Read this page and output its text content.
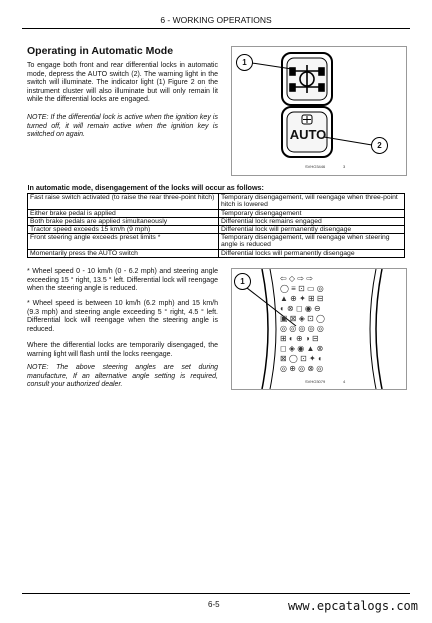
6 - WORKING OPERATIONS
Operating in Automatic Mode
To engage both front and rear differential locks in automatic mode, depress the AUTO switch (2). The warning light in the switch will illuminate. The indicator light (1) Figure 2 on the instrument cluster will also illuminate but will only remain lit while the differential locks are engaged.
NOTE: If the differential lock is active when the ignition key is turned off, it will remain active when the ignition key is switched on again.	AUTO
1
2
SVHO3446	3
In automatic mode, disengagement of the locks will occur as follows:	
Fast raise switch activated (to raise the rear three-point hitch)	Temporary disengagement, will reengage when three-point hitch is lowered
Either brake pedal is applied	Temporary disengagement
Both brake pedals are applied simultaneously	Differential lock remains engaged
Tractor speed exceeds 15 km/h (9 mph)	Differential lock will permanently disengage
Front steering angle exceeds preset limits *	Temporary disengagement, will reengage when steering angle is reduced
Momentarily press the AUTO switch	Differential locks will permanently disengage
* Wheel speed 0 - 10 km/h (0 - 6.2 mph) and steering angle exceeding 15 ° right, 13.5 ° left. Differential lock will reengage when the steering angle is reduced.
* Wheel speed is between 10 km/h (6.2 mph) and 15 km/h (9.3 mph) and steering angle exceeding 5 ° right, 4.5 ° left. Differential lock will reengage when the steering angle is reduced.
Where the differential locks are temporarily disengaged, the warning light will flash until the locks reengage.
NOTE: The above steering angles are set during manufacture, If an alternative angle setting is required, consult your authorized dealer.
⇦ ◇ ⇨ ⇨
◯ ≡ ⊡ ▭ ◎
▲ ⊕ ✦ ⊞ ⊟
◐ ⊗ ◻ ◉ ⊖
▣ ⊠ ◈ ⊡ ◯
◎ ◎ ◎ ◎ ◎
⊞ ◐ ⊕ ◑ ⊟
◻ ◈ ◉ ▲ ⊗
⊠ ◯ ⊡ ✦ ◐
◎ ⊕ ◎ ⊗ ◎
1
SVHO3079	4
6-5	www.epcatalogs.com
